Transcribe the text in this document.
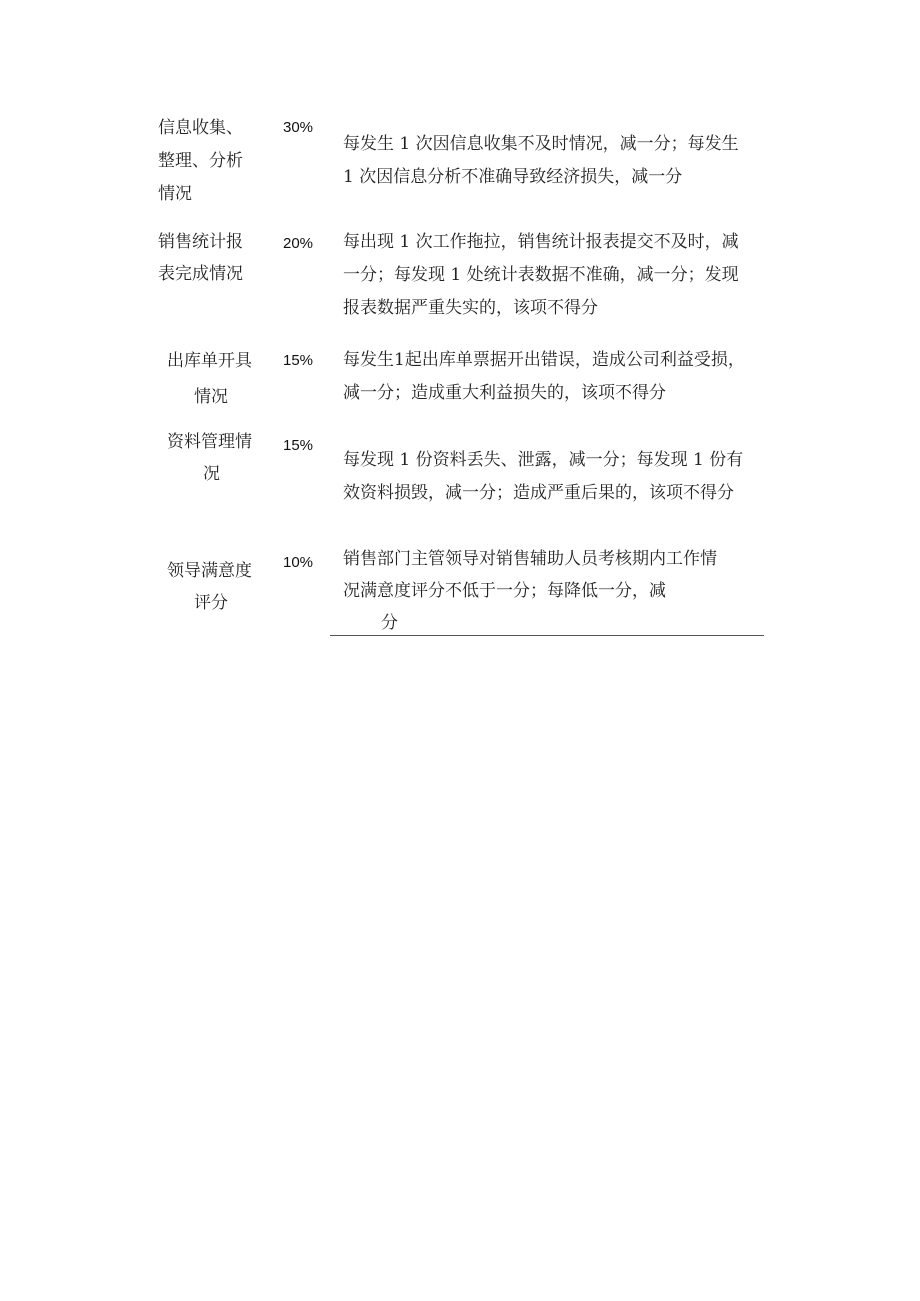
信息收集、
整理、分析
情况
30%
每发生 1 次因信息收集不及时情况，减一分；每发生
1 次因信息分析不准确导致经济损失，减一分
销售统计报
表完成情况
20% 每出现 1 次工作拖拉，销售统计报表提交不及时，减
一分；每发现 1 处统计表数据不准确，减一分；发现
报表数据严重失实的，该项不得分
出库单开具
情况
15% 每发生1起出库单票据开出错误，造成公司利益受损，
减一分；造成重大利益损失的，该项不得分
资料管理情
况
15%
每发现 1 份资料丢失、泄露，减一分；每发现 1 份有
效资料损毁，减一分；造成严重后果的，该项不得分
领导满意度
评分
10% 销售部门主管领导对销售辅助人员考核期内工作情
况满意度评分不低于一分；每降低一分，减
分
